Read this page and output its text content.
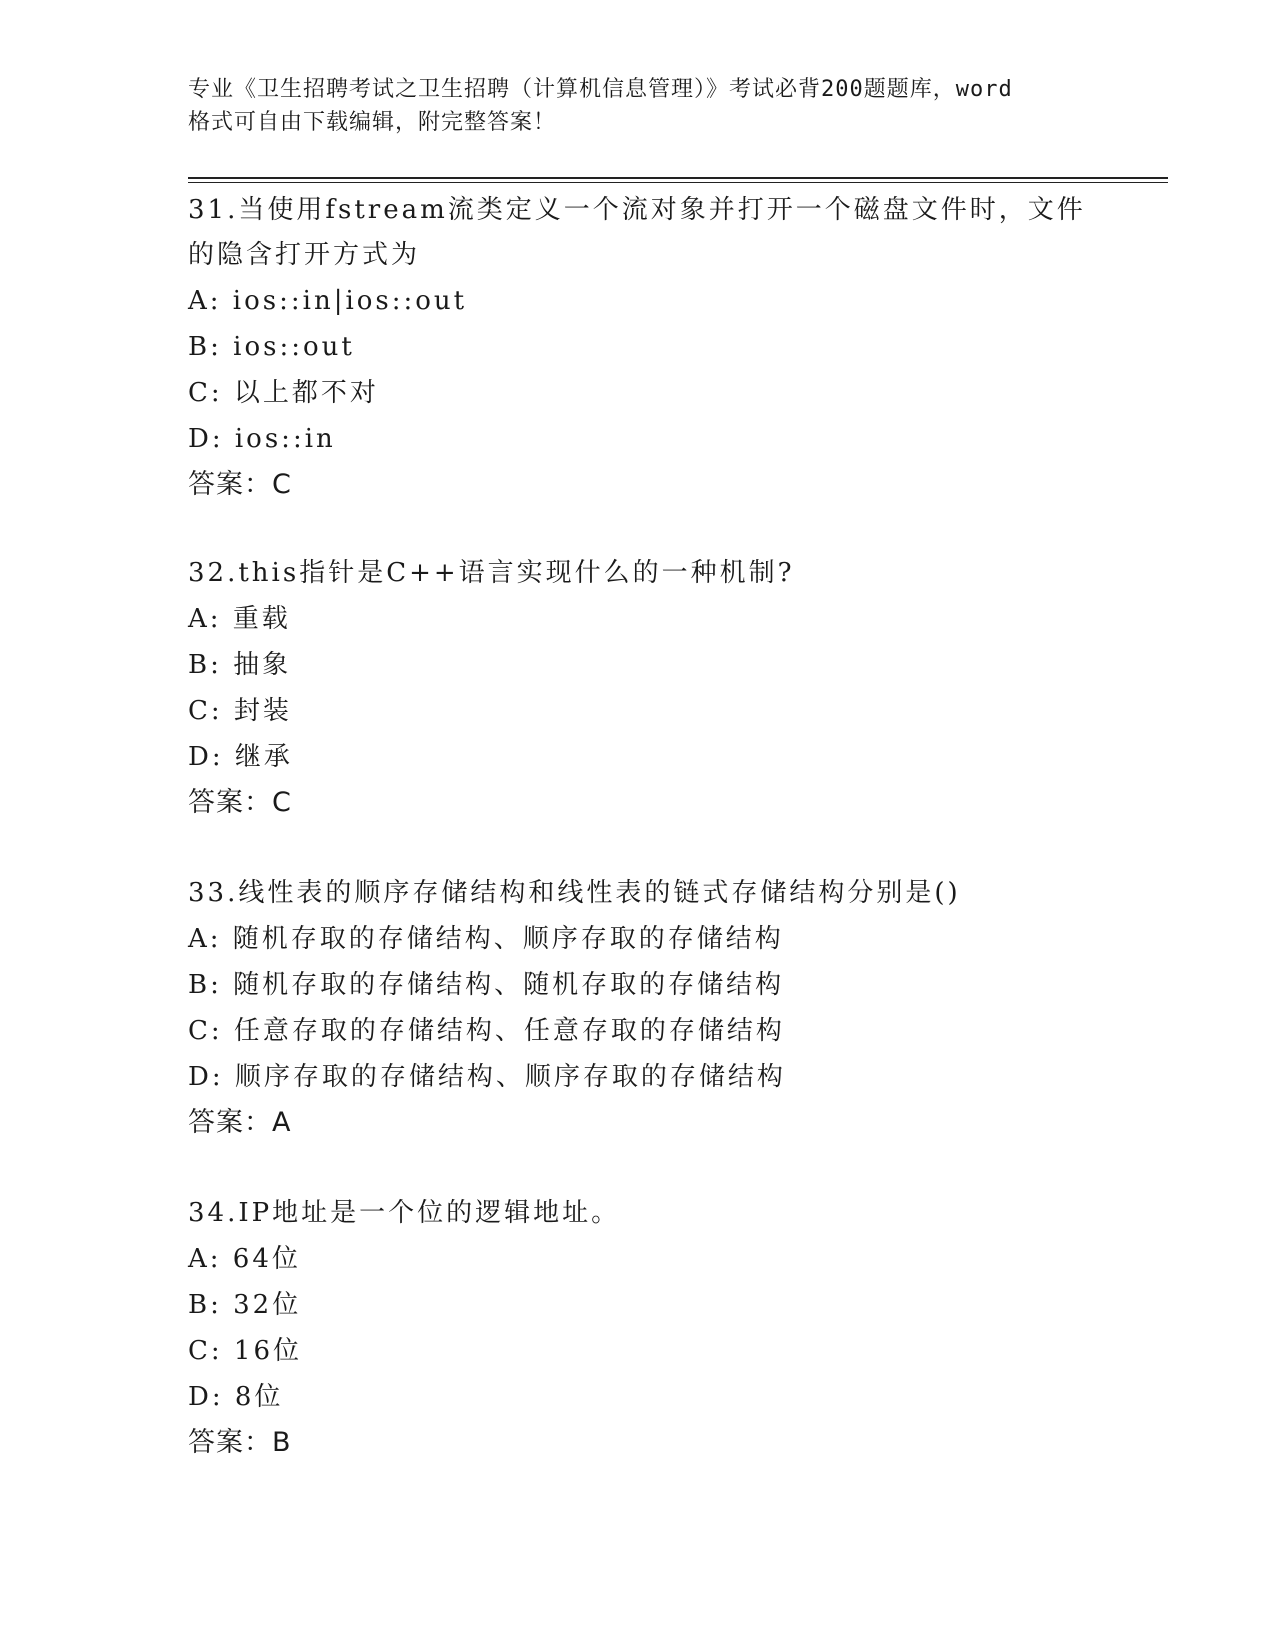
专业《卫生招聘考试之卫生招聘（计算机信息管理）》考试必背200题题库，word
格式可自由下载编辑，附完整答案！

31.当使用fstream流类定义一个流对象并打开一个磁盘文件时，文件

的隐含打开方式为

A: ios::in|ios::out

B: ios::out

C: 以上都不对

D: ios::in

答案：C

32.this指针是C++语言实现什么的一种机制?

A: 重载

B: 抽象

C: 封装

D: 继承

答案：C

33.线性表的顺序存储结构和线性表的链式存储结构分别是()

A: 随机存取的存储结构、顺序存取的存储结构

B: 随机存取的存储结构、随机存取的存储结构

C: 任意存取的存储结构、任意存取的存储结构

D: 顺序存取的存储结构、顺序存取的存储结构

答案：A

34.IP地址是一个位的逻辑地址。

A: 64位

B: 32位

C: 16位

D: 8位

答案：B
